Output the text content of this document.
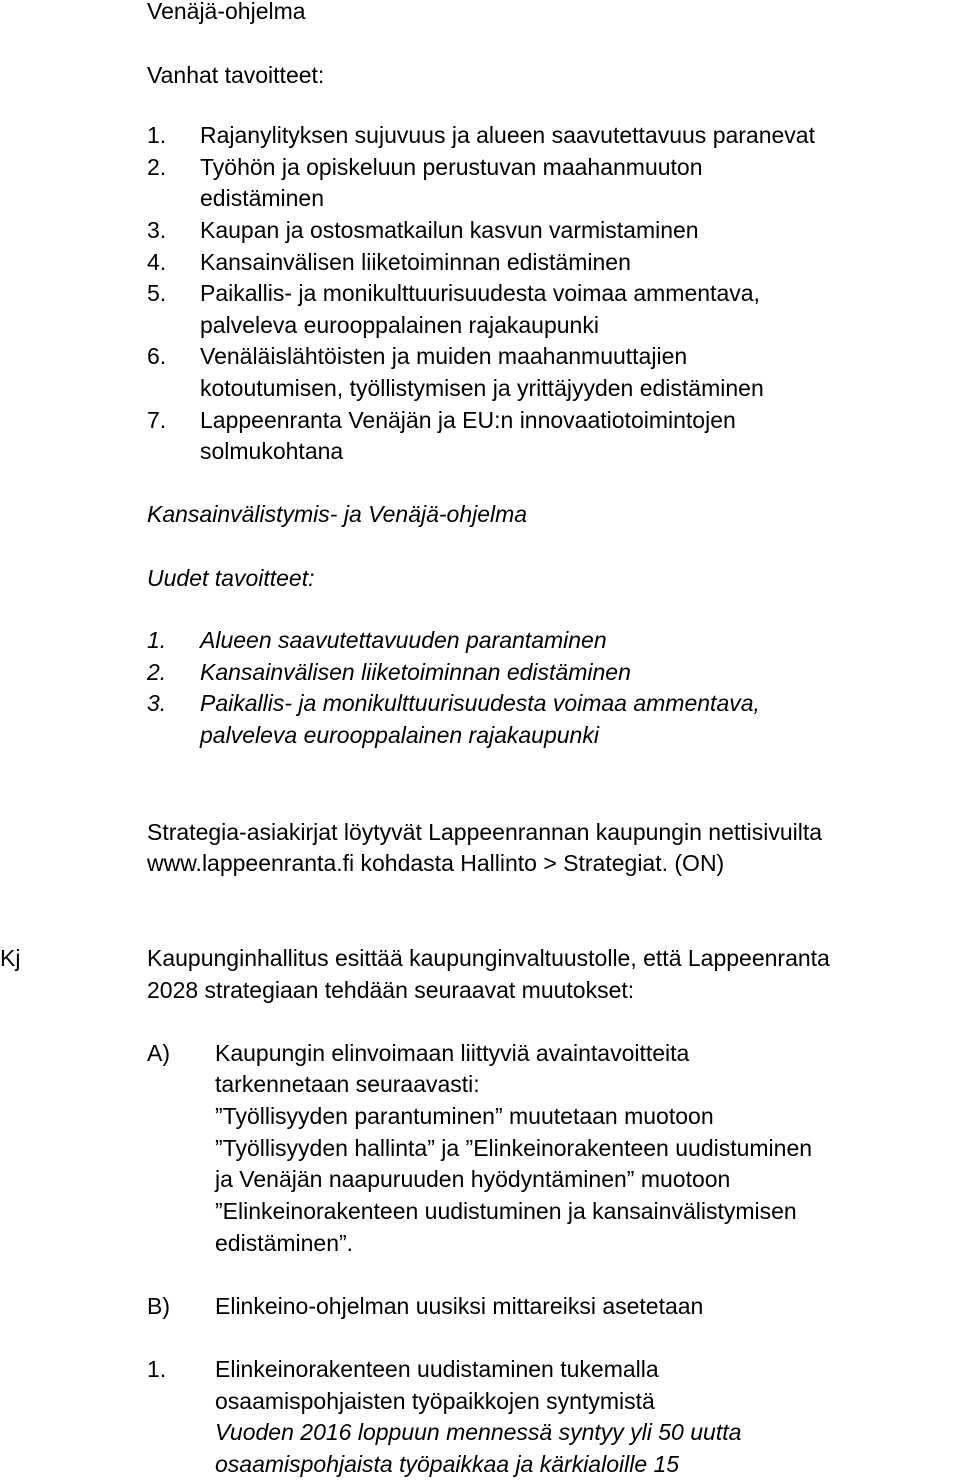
Venäjä-ohjelma
Vanhat tavoitteet:
1. Rajanylityksen sujuvuus ja alueen saavutettavuus paranevat
2. Työhön ja opiskeluun perustuvan maahanmuuton
edistäminen
3. Kaupan ja ostosmatkailun kasvun varmistaminen
4. Kansainvälisen liiketoiminnan edistäminen
5. Paikallis- ja monikulttuurisuudesta voimaa ammentava,
palveleva eurooppalainen rajakaupunki
6. Venäläislähtöisten ja muiden maahanmuuttajien
kotoutumisen, työllistymisen ja yrittäjyyden edistäminen
7. Lappeenranta Venäjän ja EU:n innovaatiotoimintojen
solmukohtana
Kansainvälistymis- ja Venäjä-ohjelma
Uudet tavoitteet:
1. Alueen saavutettavuuden parantaminen
2. Kansainvälisen liiketoiminnan edistäminen
3. Paikallis- ja monikulttuurisuudesta voimaa ammentava,
palveleva eurooppalainen rajakaupunki
Strategia-asiakirjat löytyvät Lappeenrannan kaupungin nettisivuilta
www.lappeenranta.fi kohdasta Hallinto > Strategiat. (ON)
Kj	Kaupunginhallitus esittää kaupunginvaltuustolle, että Lappeenranta
2028 strategiaan tehdään seuraavat muutokset:
A) Kaupungin elinvoimaan liittyviä avaintavoitteita
tarkennetaan seuraavasti:
”Työllisyyden parantuminen” muutetaan muotoon
”Työllisyyden hallinta” ja ”Elinkeinorakenteen uudistuminen
ja Venäjän naapuruuden hyödyntäminen” muotoon
”Elinkeinorakenteen uudistuminen ja kansainvälistymisen
edistäminen”.
B) Elinkeino-ohjelman uusiksi mittareiksi asetetaan
1. Elinkeinorakenteen uudistaminen tukemalla
osaamispohjaisten työpaikkojen syntymistä
Vuoden 2016 loppuun mennessä syntyy yli 50 uutta
osaamispohjaista työpaikkaa ja kärkialoille 15
